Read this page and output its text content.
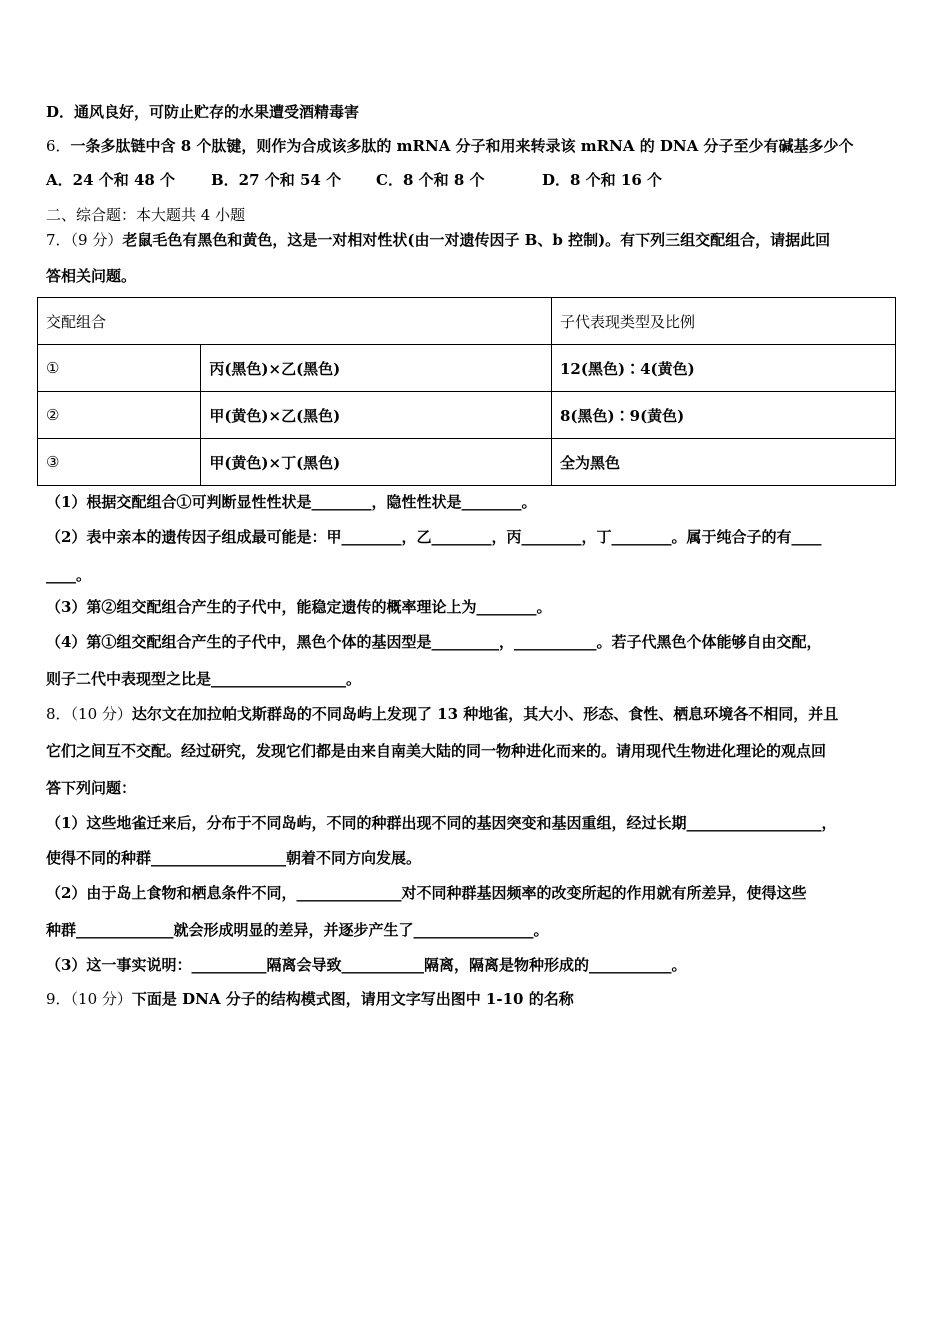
D．通风良好，可防止贮存的水果遭受酒精毒害
6．一条多肽链中含 8 个肽键，则作为合成该多肽的 mRNA 分子和用来转录该 mRNA 的 DNA 分子至少有碱基多少个
A．24 个和 48 个 B．27 个和 54 个 C．8 个和 8 个	D．8 个和 16 个
二、综合题：本大题共 4 小题
7．（9 分）老鼠毛色有黑色和黄色，这是一对相对性状(由一对遗传因子 B、b 控制)。有下列三组交配组合，请据此回
答相关问题。
交配组合		子代表现类型及比例
①	丙(黑色)×乙(黑色)	12(黑色)∶4(黄色)
②	甲(黄色)×乙(黑色)	8(黑色)∶9(黄色)
③	甲(黄色)×丁(黑色)	全为黑色
（1）根据交配组合①可判断显性性状是________，隐性性状是________。
（2）表中亲本的遗传因子组成最可能是：甲________，乙________，丙________，丁________。属于纯合子的有____
____。
（3）第②组交配组合产生的子代中，能稳定遗传的概率理论上为________。
（4）第①组交配组合产生的子代中，黑色个体的基因型是_________，___________。若子代黑色个体能够自由交配，
则子二代中表现型之比是__________________。
8．（10 分）达尔文在加拉帕戈斯群岛的不同岛屿上发现了 13 种地雀，其大小、形态、食性、栖息环境各不相同，并且
它们之间互不交配。经过研究，发现它们都是由来自南美大陆的同一物种进化而来的。请用现代生物进化理论的观点回
答下列问题：
（1）这些地雀迁来后，分布于不同岛屿，不同的种群出现不同的基因突变和基因重组，经过长期__________________，
使得不同的种群__________________朝着不同方向发展。
（2）由于岛上食物和栖息条件不同，______________对不同种群基因频率的改变所起的作用就有所差异，使得这些
种群_____________就会形成明显的差异，并逐步产生了________________。
（3）这一事实说明：__________隔离会导致___________隔离，隔离是物种形成的___________。
9．（10 分）下面是 DNA 分子的结构模式图，请用文字写出图中 1-10 的名称
